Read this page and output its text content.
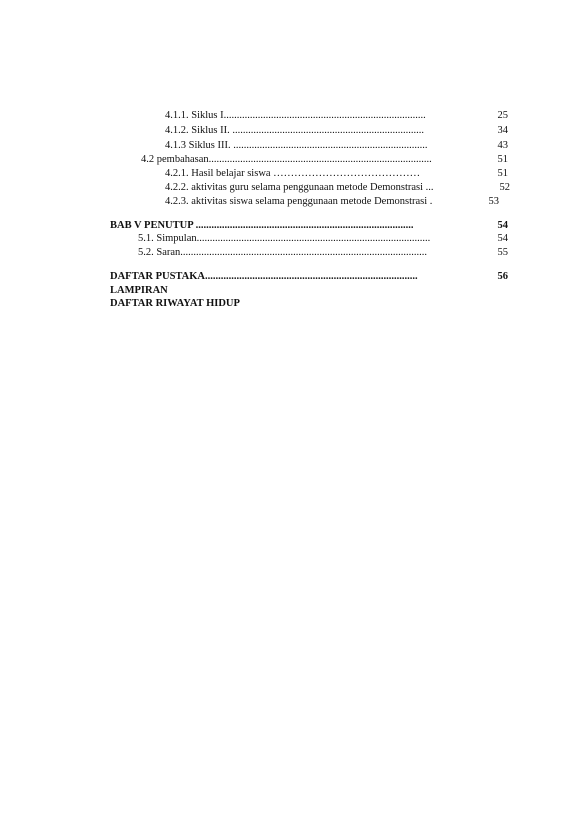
4.1.1. Siklus I.............................................................................	25
4.1.2. Siklus II. .........................................................................	34
4.1.3 Siklus III. ..........................................................................	43
4.2 pembahasan.....................................................................................	51
4.2.1. Hasil belajar siswa ……………………………………	51
4.2.2. aktivitas guru selama penggunaan metode Demonstrasi ...	52
4.2.3. aktivitas siswa selama penggunaan metode Demonstrasi .	53
BAB V PENUTUP ...................................................................................	54
5.1. Simpulan.........................................................................................	54
5.2. Saran..............................................................................................	55
DAFTAR PUSTAKA.................................................................................	56
LAMPIRAN
DAFTAR RIWAYAT HIDUP
